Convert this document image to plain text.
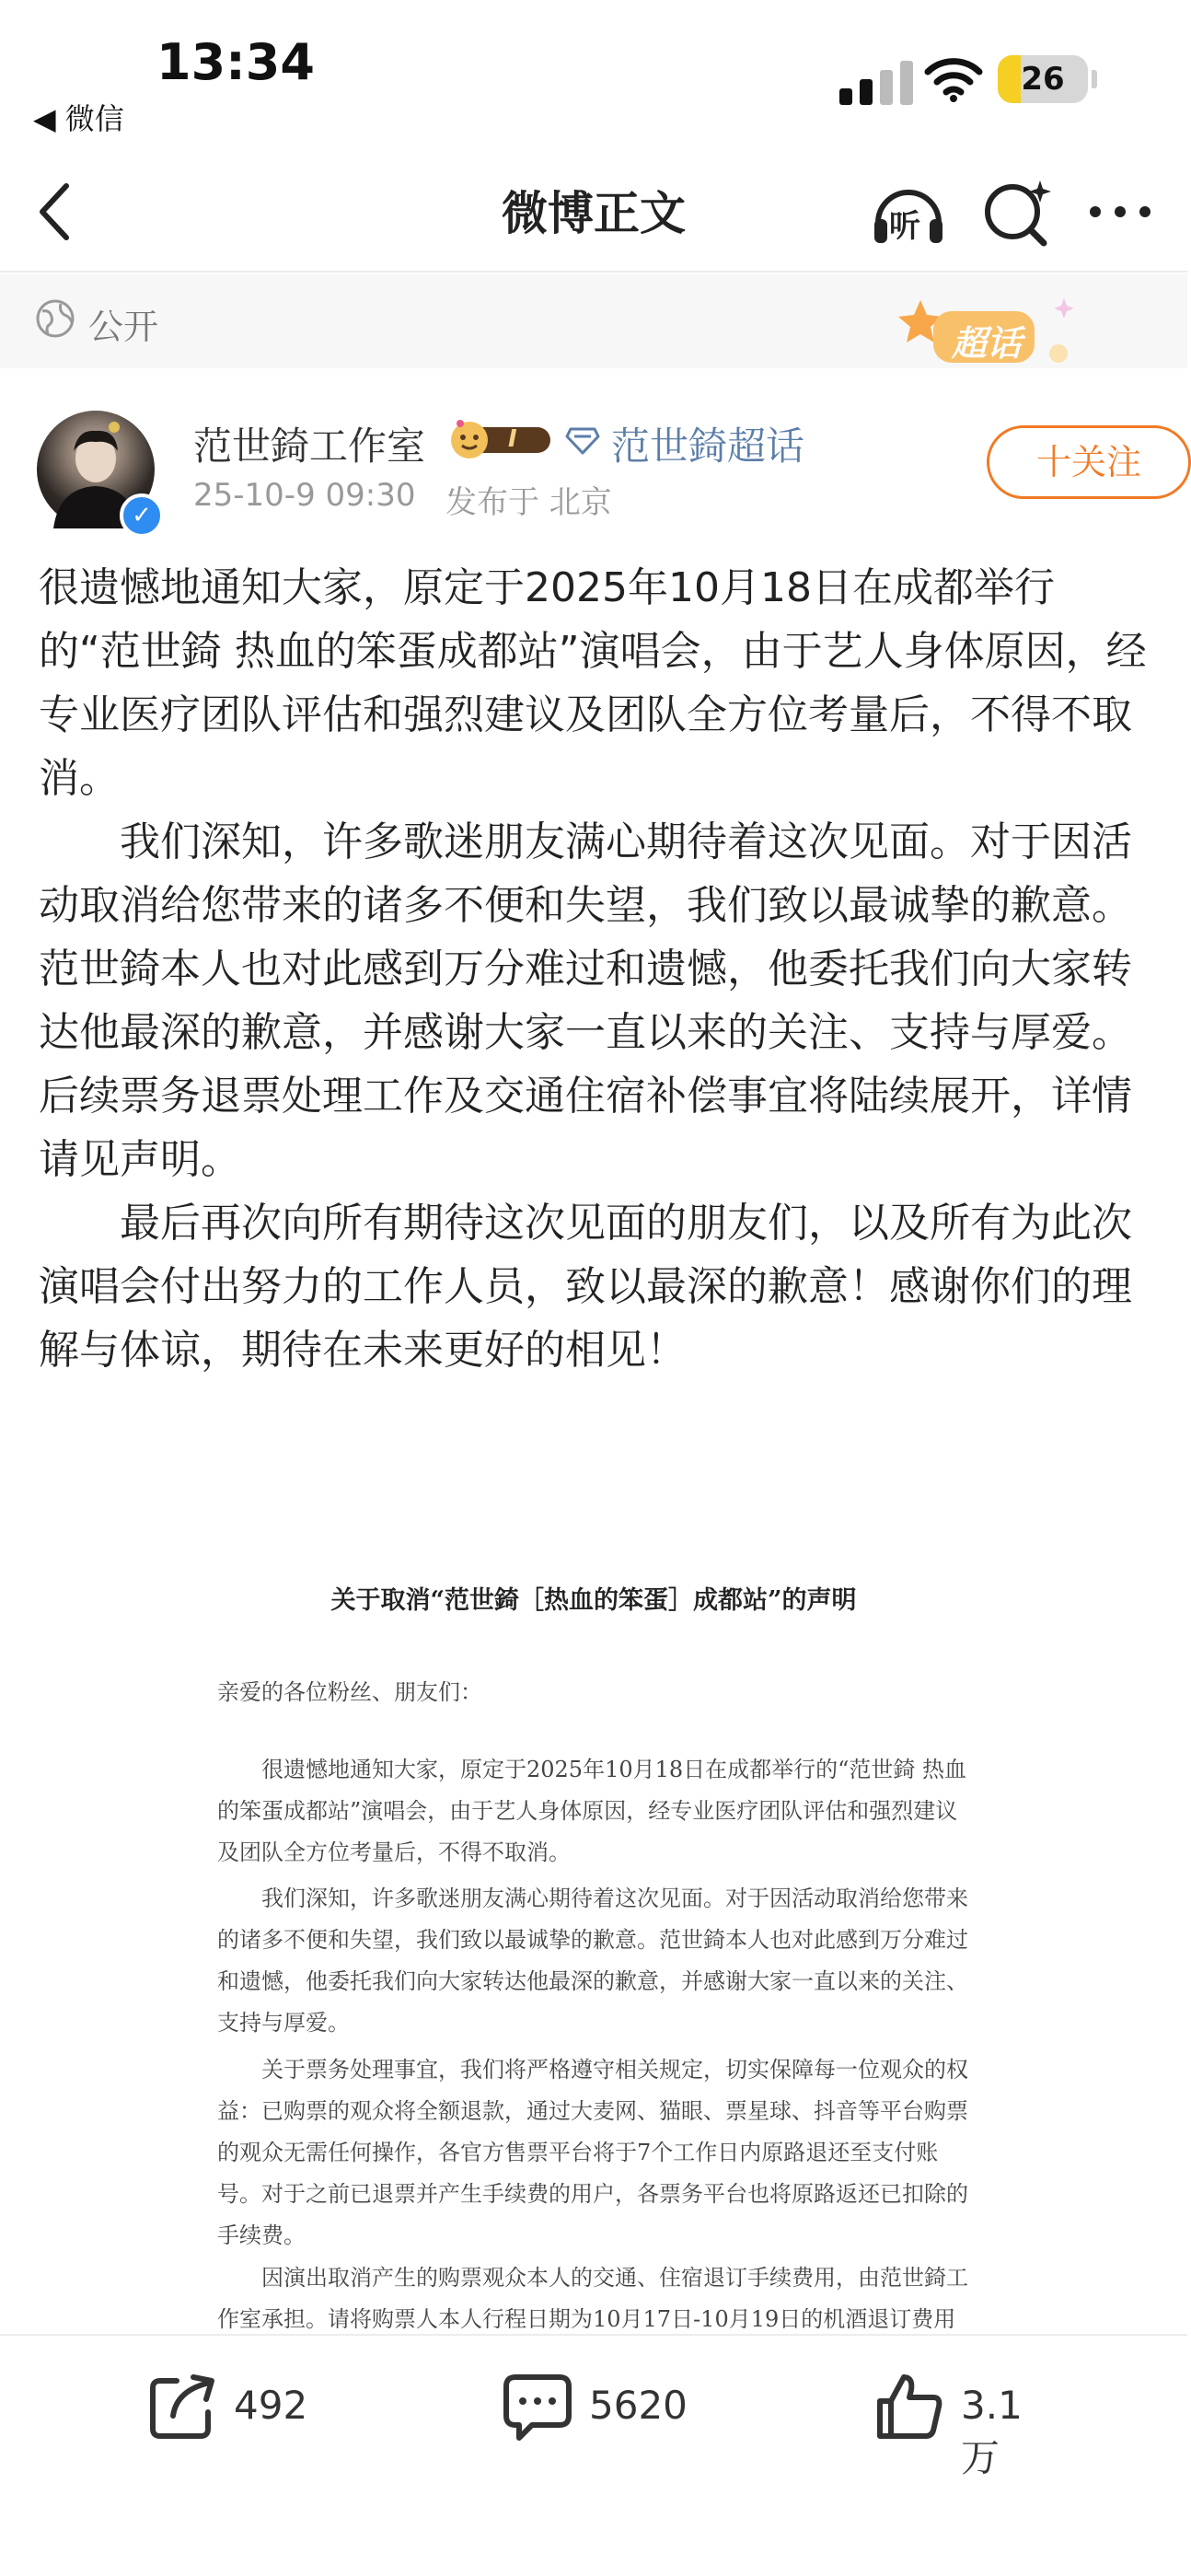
13:34
◀ 微信
26
微博正文	听
公开	超话
✓
范世錡工作室	I 范世錡超话
25-10-9 09:30 发布于 北京
十关注

很遗憾地通知大家，原定于2025年10月18日在成都举行的“范世錡 热血的笨蛋成都站”演唱会，由于艺人身体原因，经专业医疗团队评估和强烈建议及团队全方位考量后，不得不取消。

我们深知，许多歌迷朋友满心期待着这次见面。对于因活动取消给您带来的诸多不便和失望，我们致以最诚挚的歉意。范世錡本人也对此感到万分难过和遗憾，他委托我们向大家转达他最深的歉意，并感谢大家一直以来的关注、支持与厚爱。后续票务退票处理工作及交通住宿补偿事宜将陆续展开，详情请见声明。

最后再次向所有期待这次见面的朋友们，以及所有为此次演唱会付出努力的工作人员，致以最深的歉意！感谢你们的理解与体谅，期待在未来更好的相见！

关于取消“范世錡［热血的笨蛋］成都站”的声明
亲爱的各位粉丝、朋友们：

很遗憾地通知大家，原定于2025年10月18日在成都举行的“范世錡 热血的笨蛋成都站”演唱会，由于艺人身体原因，经专业医疗团队评估和强烈建议及团队全方位考量后，不得不取消。

我们深知，许多歌迷朋友满心期待着这次见面。对于因活动取消给您带来的诸多不便和失望，我们致以最诚挚的歉意。范世錡本人也对此感到万分难过和遗憾，他委托我们向大家转达他最深的歉意，并感谢大家一直以来的关注、支持与厚爱。

关于票务处理事宜，我们将严格遵守相关规定，切实保障每一位观众的权益：已购票的观众将全额退款，通过大麦网、猫眼、票星球、抖音等平台购票的观众无需任何操作，各官方售票平台将于7个工作日内原路退还至支付账号。对于之前已退票并产生手续费的用户，各票务平台也将原路返还已扣除的手续费。

因演出取消产生的购票观众本人的交通、住宿退订手续费用，由范世錡工作室承担。请将购票人本人行程日期为10月17日-10月19日的机酒退订费用

492	5620	3.1万
